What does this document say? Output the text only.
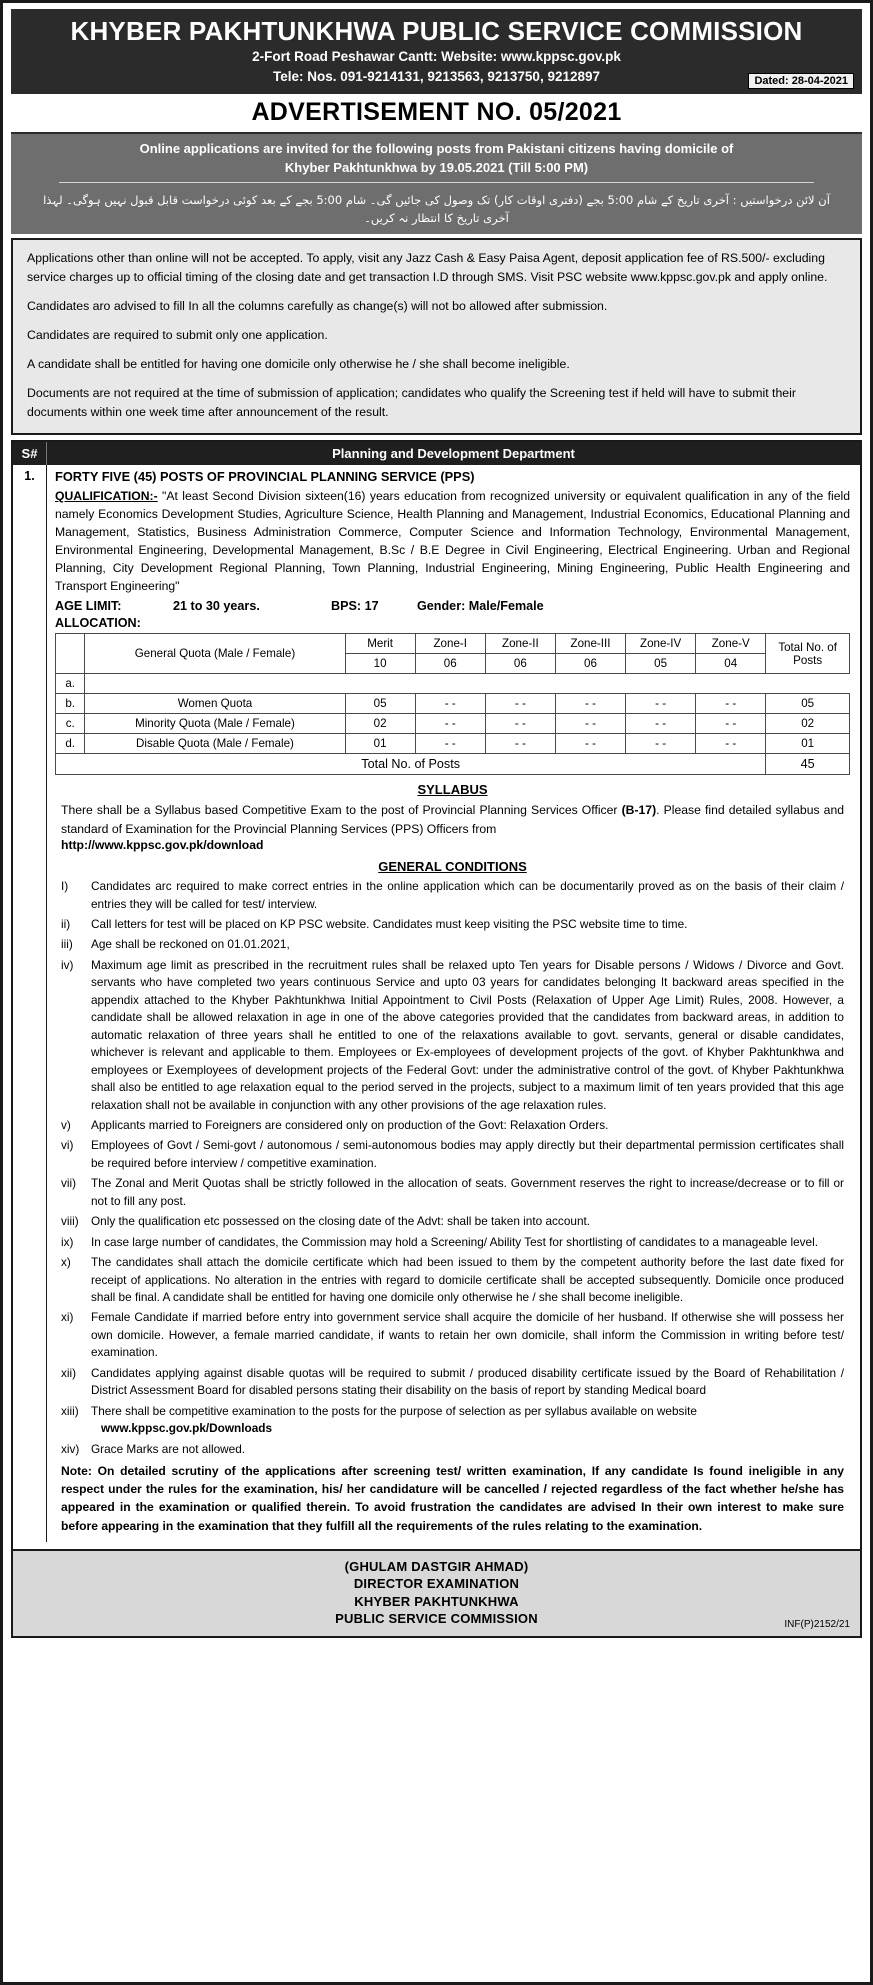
KHYBER PAKHTUNKHWA PUBLIC SERVICE COMMISSION
2-Fort Road Peshawar Cantt: Website: www.kppsc.gov.pk
Tele: Nos. 091-9214131, 9213563, 9213750, 9212897	Dated: 28-04-2021
ADVERTISEMENT NO. 05/2021
Online applications are invited for the following posts from Pakistani citizens having domicile of
Khyber Pakhtunkhwa by 19.05.2021 (Till 5:00 PM)
آن لائن درخواستیں : آخری تاریخ کے شام 5:00 بجے (دفتری اوقات کار) تک وصول کی جائیں گی۔ شام 5:00 بجے کے بعد کوئی درخواست قابل قبول نہیں ہوگی۔ لہذا آخری تاریخ کا انتظار نہ کریں۔

Applications other than online will not be accepted. To apply, visit any Jazz Cash & Easy Paisa Agent, deposit application fee of RS.500/- excluding service charges up to official timing of the closing date and get transaction I.D through SMS. Visit PSC website www.kppsc.gov.pk and apply online.

Candidates aro advised to fill In all the columns carefully as change(s) will not bo allowed after submission.

Candidates are required to submit only one application.

A candidate shall be entitled for having one domicile only otherwise he / she shall become ineligible.

Documents are not required at the time of submission of application; candidates who qualify the Screening test if held will have to submit their documents within one week time after announcement of the result.

S#	Planning and Development Department
1.	FORTY FIVE (45) POSTS OF PROVINCIAL PLANNING SERVICE (PPS)
QUALIFICATION:- "At least Second Division sixteen(16) years education from recognized university or equivalent qualification in any of the field namely Economics Development Studies, Agriculture Science, Health Planning and Management, Industrial Economics, Educational Planning and Management, Statistics, Business Administration Commerce, Computer Science and Information Technology, Environmental Management, Environmental Engineering, Developmental Management, B.Sc / B.E Degree in Civil Engineering, Electrical Engineering. Urban and Regional Planning, City Development Regional Planning, Town Planning, Industrial Engineering, Mining Engineering, Public Health Engineering and Transport Engineering"
AGE LIMIT:	21 to 30 years.	BPS: 17	Gender: Male/Female
ALLOCATION:
	General Quota (Male / Female)	Merit	Zone-I	Zone-II	Zone-III	Zone-IV	Zone-V	Total No. of Posts
		10	06	06	06	05	04	
a.							
b.	Women Quota	05	- -	- -	- -	- -	- -	05
c.	Minority Quota (Male / Female)	02	- -	- -	- -	- -	- -	02
d.	Disable Quota (Male / Female)	01	- -	- -	- -	- -	- -	01
Total No. of Posts								45
SYLLABUS
There shall be a Syllabus based Competitive Exam to the post of Provincial Planning Services Officer (B-17). Please find detailed syllabus and standard of Examination for the Provincial Planning Services (PPS) Officers from
http://www.kppsc.gov.pk/download
GENERAL CONDITIONS
I)	Candidates arc required to make correct entries in the online application which can be documentarily proved as on the basis of their claim / entries they will be called for test/ interview.
ii)	Call letters for test will be placed on KP PSC website. Candidates must keep visiting the PSC website time to time.
iii)	Age shall be reckoned on 01.01.2021,
iv)	Maximum age limit as prescribed in the recruitment rules shall be relaxed upto Ten years for Disable persons / Widows / Divorce and Govt. servants who have completed two years continuous Service and upto 03 years for candidates belonging It backward areas specified in the appendix attached to the Khyber Pakhtunkhwa Initial Appointment to Civil Posts (Relaxation of Upper Age Limit) Rules, 2008. However, a candidate shall be allowed relaxation in age in one of the above categories provided that the candidates from backward areas, in addition to automatic relaxation of three years shall he entitled to one of the relaxations available to govt. servants, general or disable candidates, whichever is relevant and applicable to them. Employees or Ex-employees of development projects of the govt. of Khyber Pakhtunkhwa and employees or Exemployees of development projects of the Federal Govt: under the administrative control of the govt. of Khyber Pakhtunkhwa shall also be entitled to age relaxation equal to the period served in the projects, subject to a maximum limit of ten years provided that this age relaxation shall not be available in conjunction with any other provisions of the age relaxation rules.
v)	Applicants married to Foreigners are considered only on production of the Govt: Relaxation Orders.
vi)	Employees of Govt / Semi-govt / autonomous / semi-autonomous bodies may apply directly but their departmental permission certificates shall be required before interview / competitive examination.
vii)	The Zonal and Merit Quotas shall be strictly followed in the allocation of seats. Government reserves the right to increase/decrease or to fill or not to fill any post.
viii)	Only the qualification etc possessed on the closing date of the Advt: shall be taken into account.
ix)	In case large number of candidates, the Commission may hold a Screening/ Ability Test for shortlisting of candidates to a manageable level.
x)	The candidates shall attach the domicile certificate which had been issued to them by the competent authority before the last date fixed for receipt of applications. No alteration in the entries with regard to domicile certificate shall be accepted subsequently. Domicile once produced shall be final. A candidate shall be entitled for having one domicile only otherwise he / she shall become ineligible.
xi)	Female Candidate if married before entry into government service shall acquire the domicile of her husband. If otherwise she will possess her own domicile. However, a female married candidate, if wants to retain her own domicile, shall inform the Commission in writing before test/ examination.
xii)	Candidates applying against disable quotas will be required to submit / produced disability certificate issued by the Board of Rehabilitation / District Assessment Board for disabled persons stating their disability on the basis of report by standing Medical board
xiii)	There shall be competitive examination to the posts for the purpose of selection as per syllabus available on website
www.kppsc.gov.pk/Downloads
xiv) Grace Marks are not allowed.
Note: On detailed scrutiny of the applications after screening test/ written examination, If any candidate Is found ineligible in any respect under the rules for the examination, his/ her candidature will be cancelled / rejected regardless of the fact whether he/she has appeared in the examination or qualified therein. To avoid frustration the candidates are advised In their own interest to make sure before appearing in the examination that they fulfill all the requirements of the rules relating to the examination.
(GHULAM DASTGIR AHMAD)
DIRECTOR EXAMINATION
KHYBER PAKHTUNKHWA
PUBLIC SERVICE COMMISSION	INF(P)2152/21
